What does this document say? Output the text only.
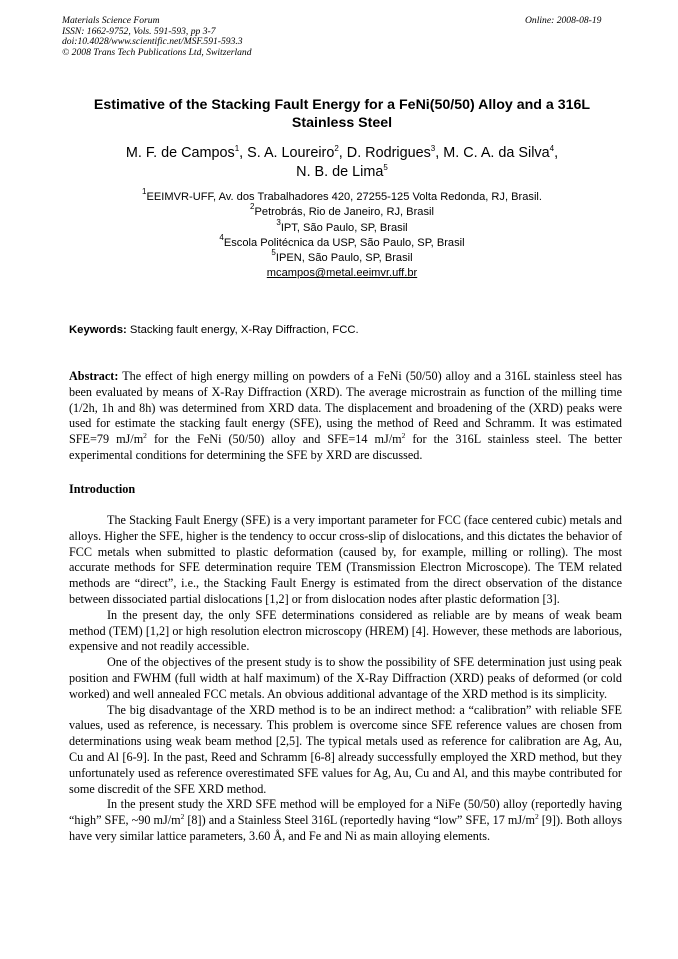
Materials Science Forum
ISSN: 1662-9752, Vols. 591-593, pp 3-7
doi:10.4028/www.scientific.net/MSF.591-593.3
© 2008 Trans Tech Publications Ltd, Switzerland
Online: 2008-08-19
Estimative of the Stacking Fault Energy for a FeNi(50/50) Alloy and a 316L Stainless Steel
M. F. de Campos$^1$, S. A. Loureiro$^2$, D. Rodrigues$^3$, M. C. A. da Silva$^4$,
N. B. de Lima$^5$
$^1$EEIMVR-UFF, Av. dos Trabalhadores 420, 27255-125 Volta Redonda, RJ, Brasil.
$^2$Petrobrás, Rio de Janeiro, RJ, Brasil
$^3$IPT, São Paulo, SP, Brasil
$^4$Escola Politécnica da USP, São Paulo, SP, Brasil
$^5$IPEN, São Paulo, SP, Brasil
mcampos@metal.eeimvr.uff.br
Keywords: Stacking fault energy, X-Ray Diffraction, FCC.
Abstract: The effect of high energy milling on powders of a FeNi (50/50) alloy and a 316L stainless steel has been evaluated by means of X-Ray Diffraction (XRD). The average microstrain as function of the milling time (1/2h, 1h and 8h) was determined from XRD data. The displacement and broadening of the (XRD) peaks were used for estimate the stacking fault energy (SFE), using the method of Reed and Schramm. It was estimated SFE=79 $mJ/m^2$ for the FeNi (50/50) alloy and SFE=14 $mJ/m^2$ for the 316L stainless steel. The better experimental conditions for determining the SFE by XRD are discussed.
Introduction

The Stacking Fault Energy (SFE) is a very important parameter for FCC (face centered cubic) metals and alloys. Higher the SFE, higher is the tendency to occur cross-slip of dislocations, and this dictates the behavior of FCC metals when submitted to plastic deformation (caused by, for example, milling or rolling). The most accurate methods for SFE determination require TEM (Transmission Electron Microscope). The TEM related methods are “direct”, i.e., the Stacking Fault Energy is estimated from the direct observation of the distance between dissociated partial dislocations [1,2] or from dislocation nodes after plastic deformation [3].

In the present day, the only SFE determinations considered as reliable are by means of weak beam method (TEM) [1,2] or high resolution electron microscopy (HREM) [4]. However, these methods are laborious, expensive and not readily accessible.

One of the objectives of the present study is to show the possibility of SFE determination just using peak position and FWHM (full width at half maximum) of the X-Ray Diffraction (XRD) peaks of deformed (or cold worked) and well annealed FCC metals. An obvious additional advantage of the XRD method is its simplicity.

The big disadvantage of the XRD method is to be an indirect method: a “calibration” with reliable SFE values, used as reference, is necessary. This problem is overcome since SFE reference values are chosen from determinations using weak beam method [2,5]. The typical metals used as reference for calibration are Ag, Au, Cu and Al [6-9]. In the past, Reed and Schramm [6-8] already successfully employed the XRD method, but they unfortunately used as reference overestimated SFE values for Ag, Au, Cu and Al, and this maybe contributed for some discredit of the SFE XRD method.

In the present study the XRD SFE method will be employed for a NiFe (50/50) alloy (reportedly having “high” SFE, ~90 $mJ/m^2$ [8]) and a Stainless Steel 316L (reportedly having “low” SFE, 17 $mJ/m^2$ [9]). Both alloys have very similar lattice parameters, 3.60 Å, and Fe and Ni as main alloying elements.
